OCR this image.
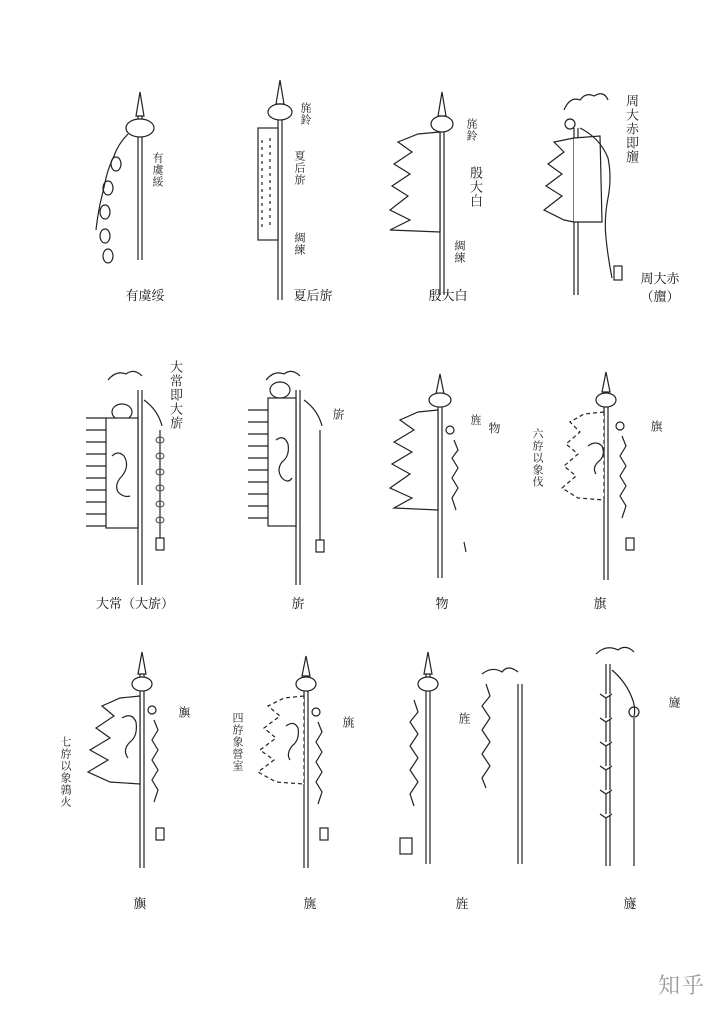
有虞綏
有虞绥
旄鈴
夏后旂
綢練
夏后旂
旄鈴
殷大白
綢練
殷大白
周大赤即旜
周大赤
（旜）
大常即大旂
大常（大旂）
旂
旂
物
旌
物
旗
六斿以象伐
旗
旟
七斿以象鶉火
旟
旐
四斿象營室
旐
旌
旌
旞
旞
知乎
